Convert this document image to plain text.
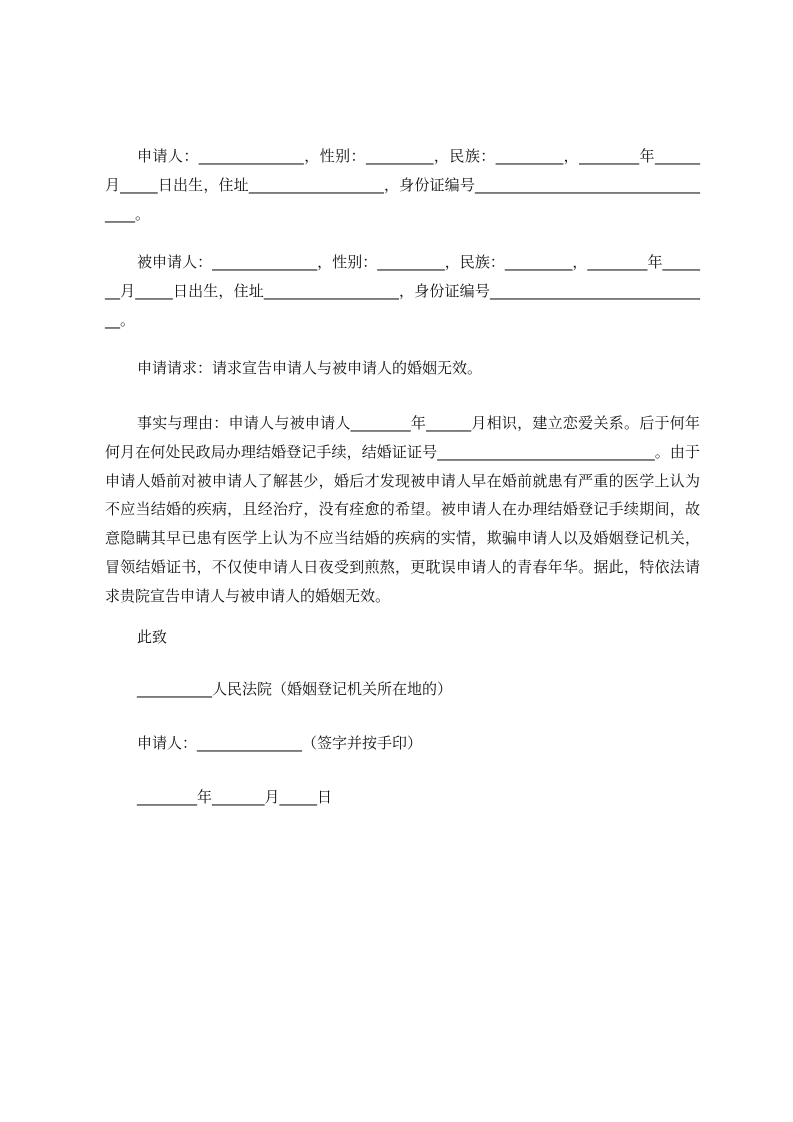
申请人：______________，性别：_________，民族：_________，________年______月_____日出生，住址__________________，身份证编号__________________________________。

被申请人：______________，性别：_________，民族：_________，________年_______月_____日出生，住址__________________，身份证编号______________________________。

申请请求：请求宣告申请人与被申请人的婚姻无效。

事实与理由：申请人与被申请人________年______月相识，建立恋爱关系。后于何年何月在何处民政局办理结婚登记手续，结婚证证号_____________________________。由于申请人婚前对被申请人了解甚少，婚后才发现被申请人早在婚前就患有严重的医学上认为不应当结婚的疾病，且经治疗，没有痊愈的希望。被申请人在办理结婚登记手续期间，故意隐瞒其早已患有医学上认为不应当结婚的疾病的实情，欺骗申请人以及婚姻登记机关，冒领结婚证书，不仅使申请人日夜受到煎熬，更耽误申请人的青春年华。据此，特依法请求贵院宣告申请人与被申请人的婚姻无效。

此致

__________人民法院（婚姻登记机关所在地的）

申请人：______________（签字并按手印）

________年_______月_____日
